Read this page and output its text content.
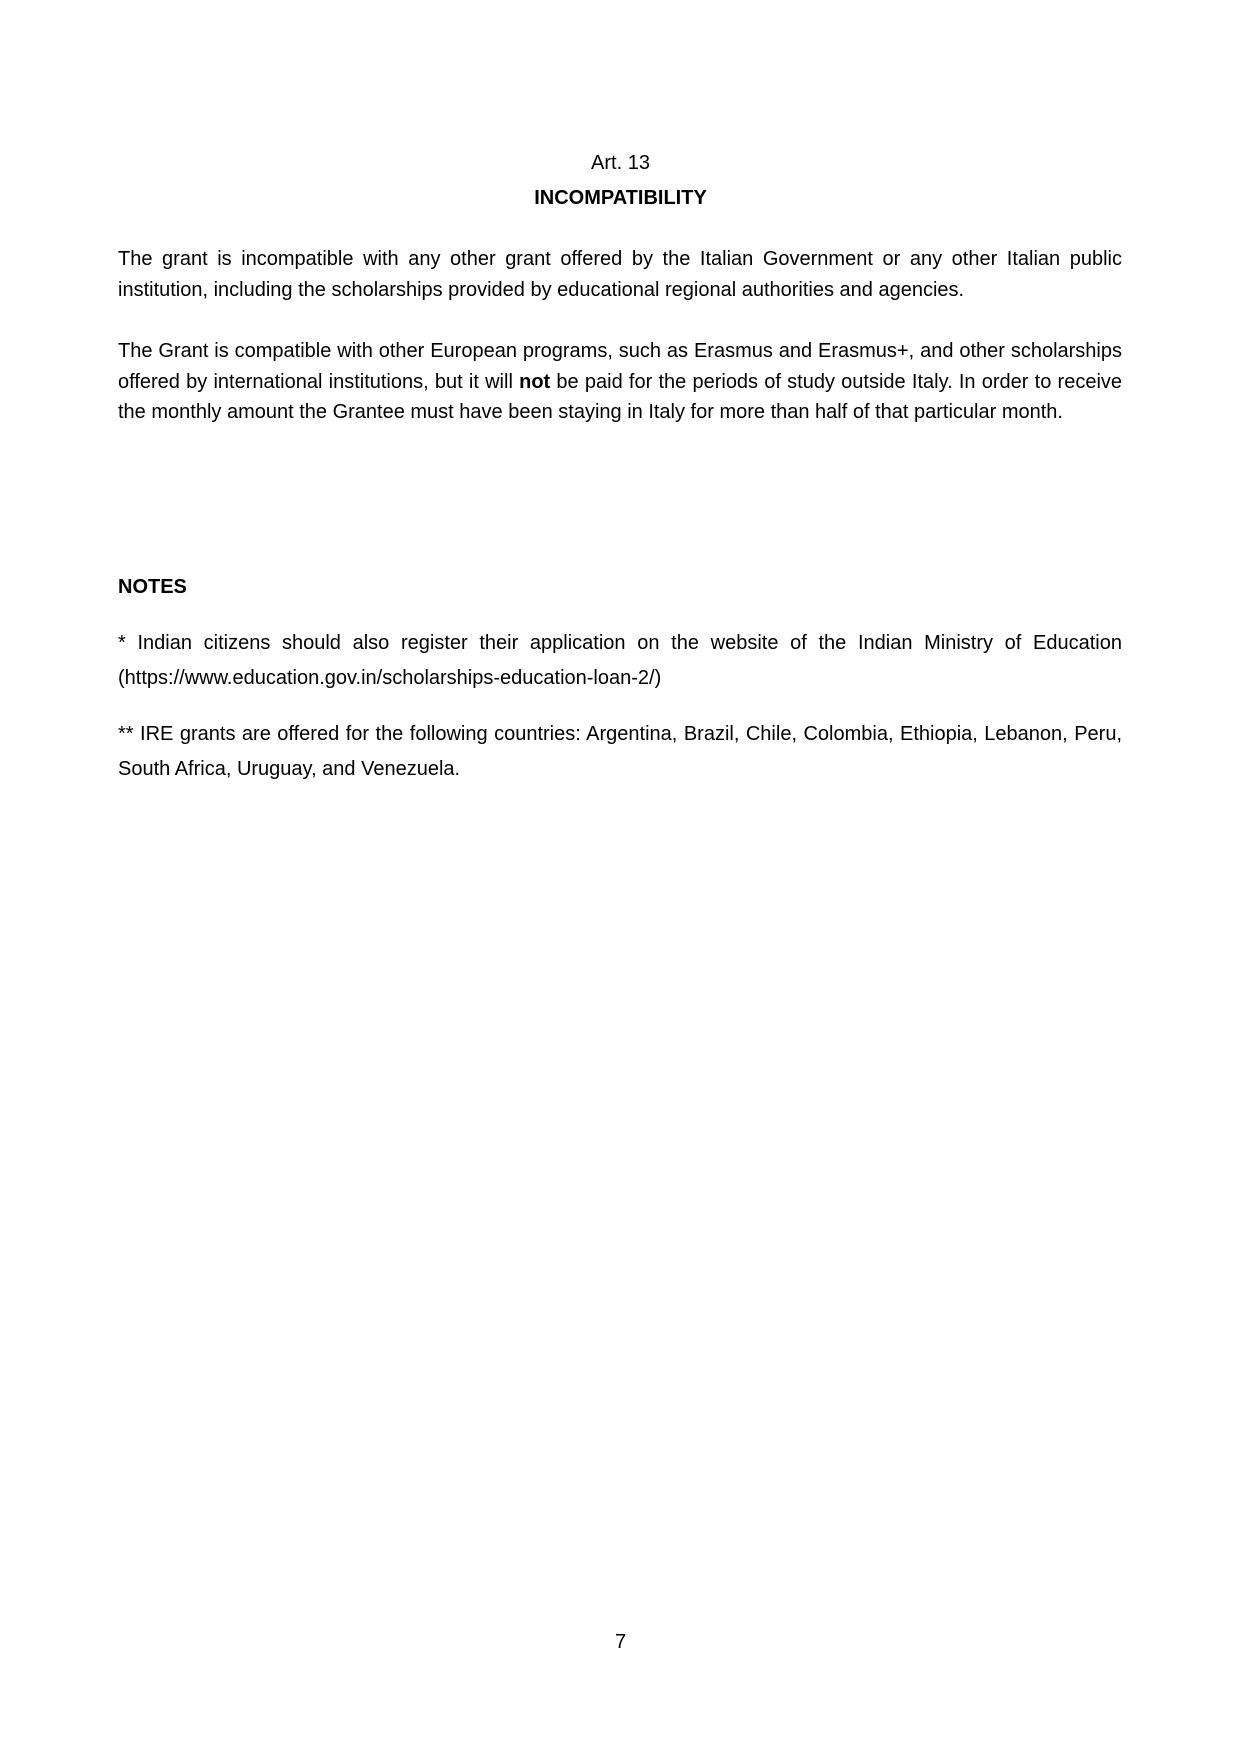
Art. 13
INCOMPATIBILITY

The grant is incompatible with any other grant offered by the Italian Government or any other Italian public institution, including the scholarships provided by educational regional authorities and agencies.

The Grant is compatible with other European programs, such as Erasmus and Erasmus+, and other scholarships offered by international institutions, but it will not be paid for the periods of study outside Italy. In order to receive the monthly amount the Grantee must have been staying in Italy for more than half of that particular month.

NOTES

* Indian citizens should also register their application on the website of the Indian Ministry of Education (https://www.education.gov.in/scholarships-education-loan-2/)

** IRE grants are offered for the following countries: Argentina, Brazil, Chile, Colombia, Ethiopia, Lebanon, Peru, South Africa, Uruguay, and Venezuela.

7
